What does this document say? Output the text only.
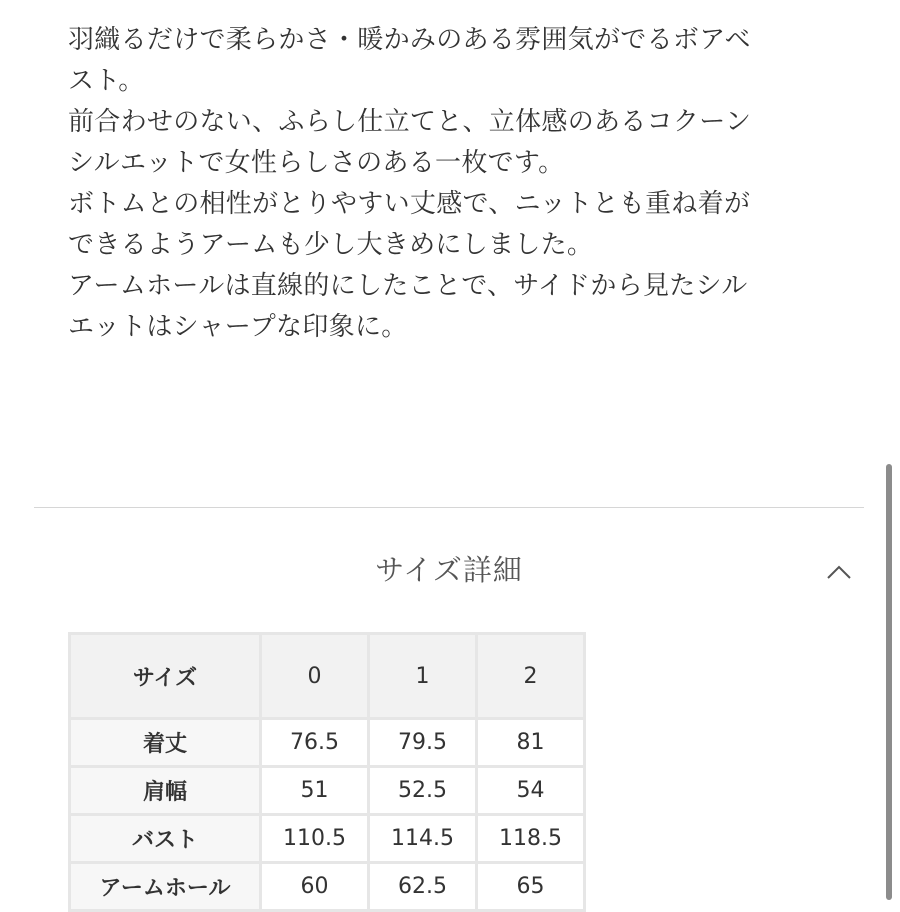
羽織るだけで柔らかさ・暖かみのある雰囲気がでるボアベ
スト。
前合わせのない、ふらし仕立てと、立体感のあるコクーン
シルエットで女性らしさのある一枚です。
ボトムとの相性がとりやすい丈感で、ニットとも重ね着が
できるようアームも少し大きめにしました。
アームホールは直線的にしたことで、サイドから見たシル
エットはシャープな印象に。
サイズ詳細
サイズ	0	1	2
着丈	76.5	79.5	81
肩幅	51	52.5	54
バスト	110.5	114.5	118.5
アームホール	60	62.5	65
